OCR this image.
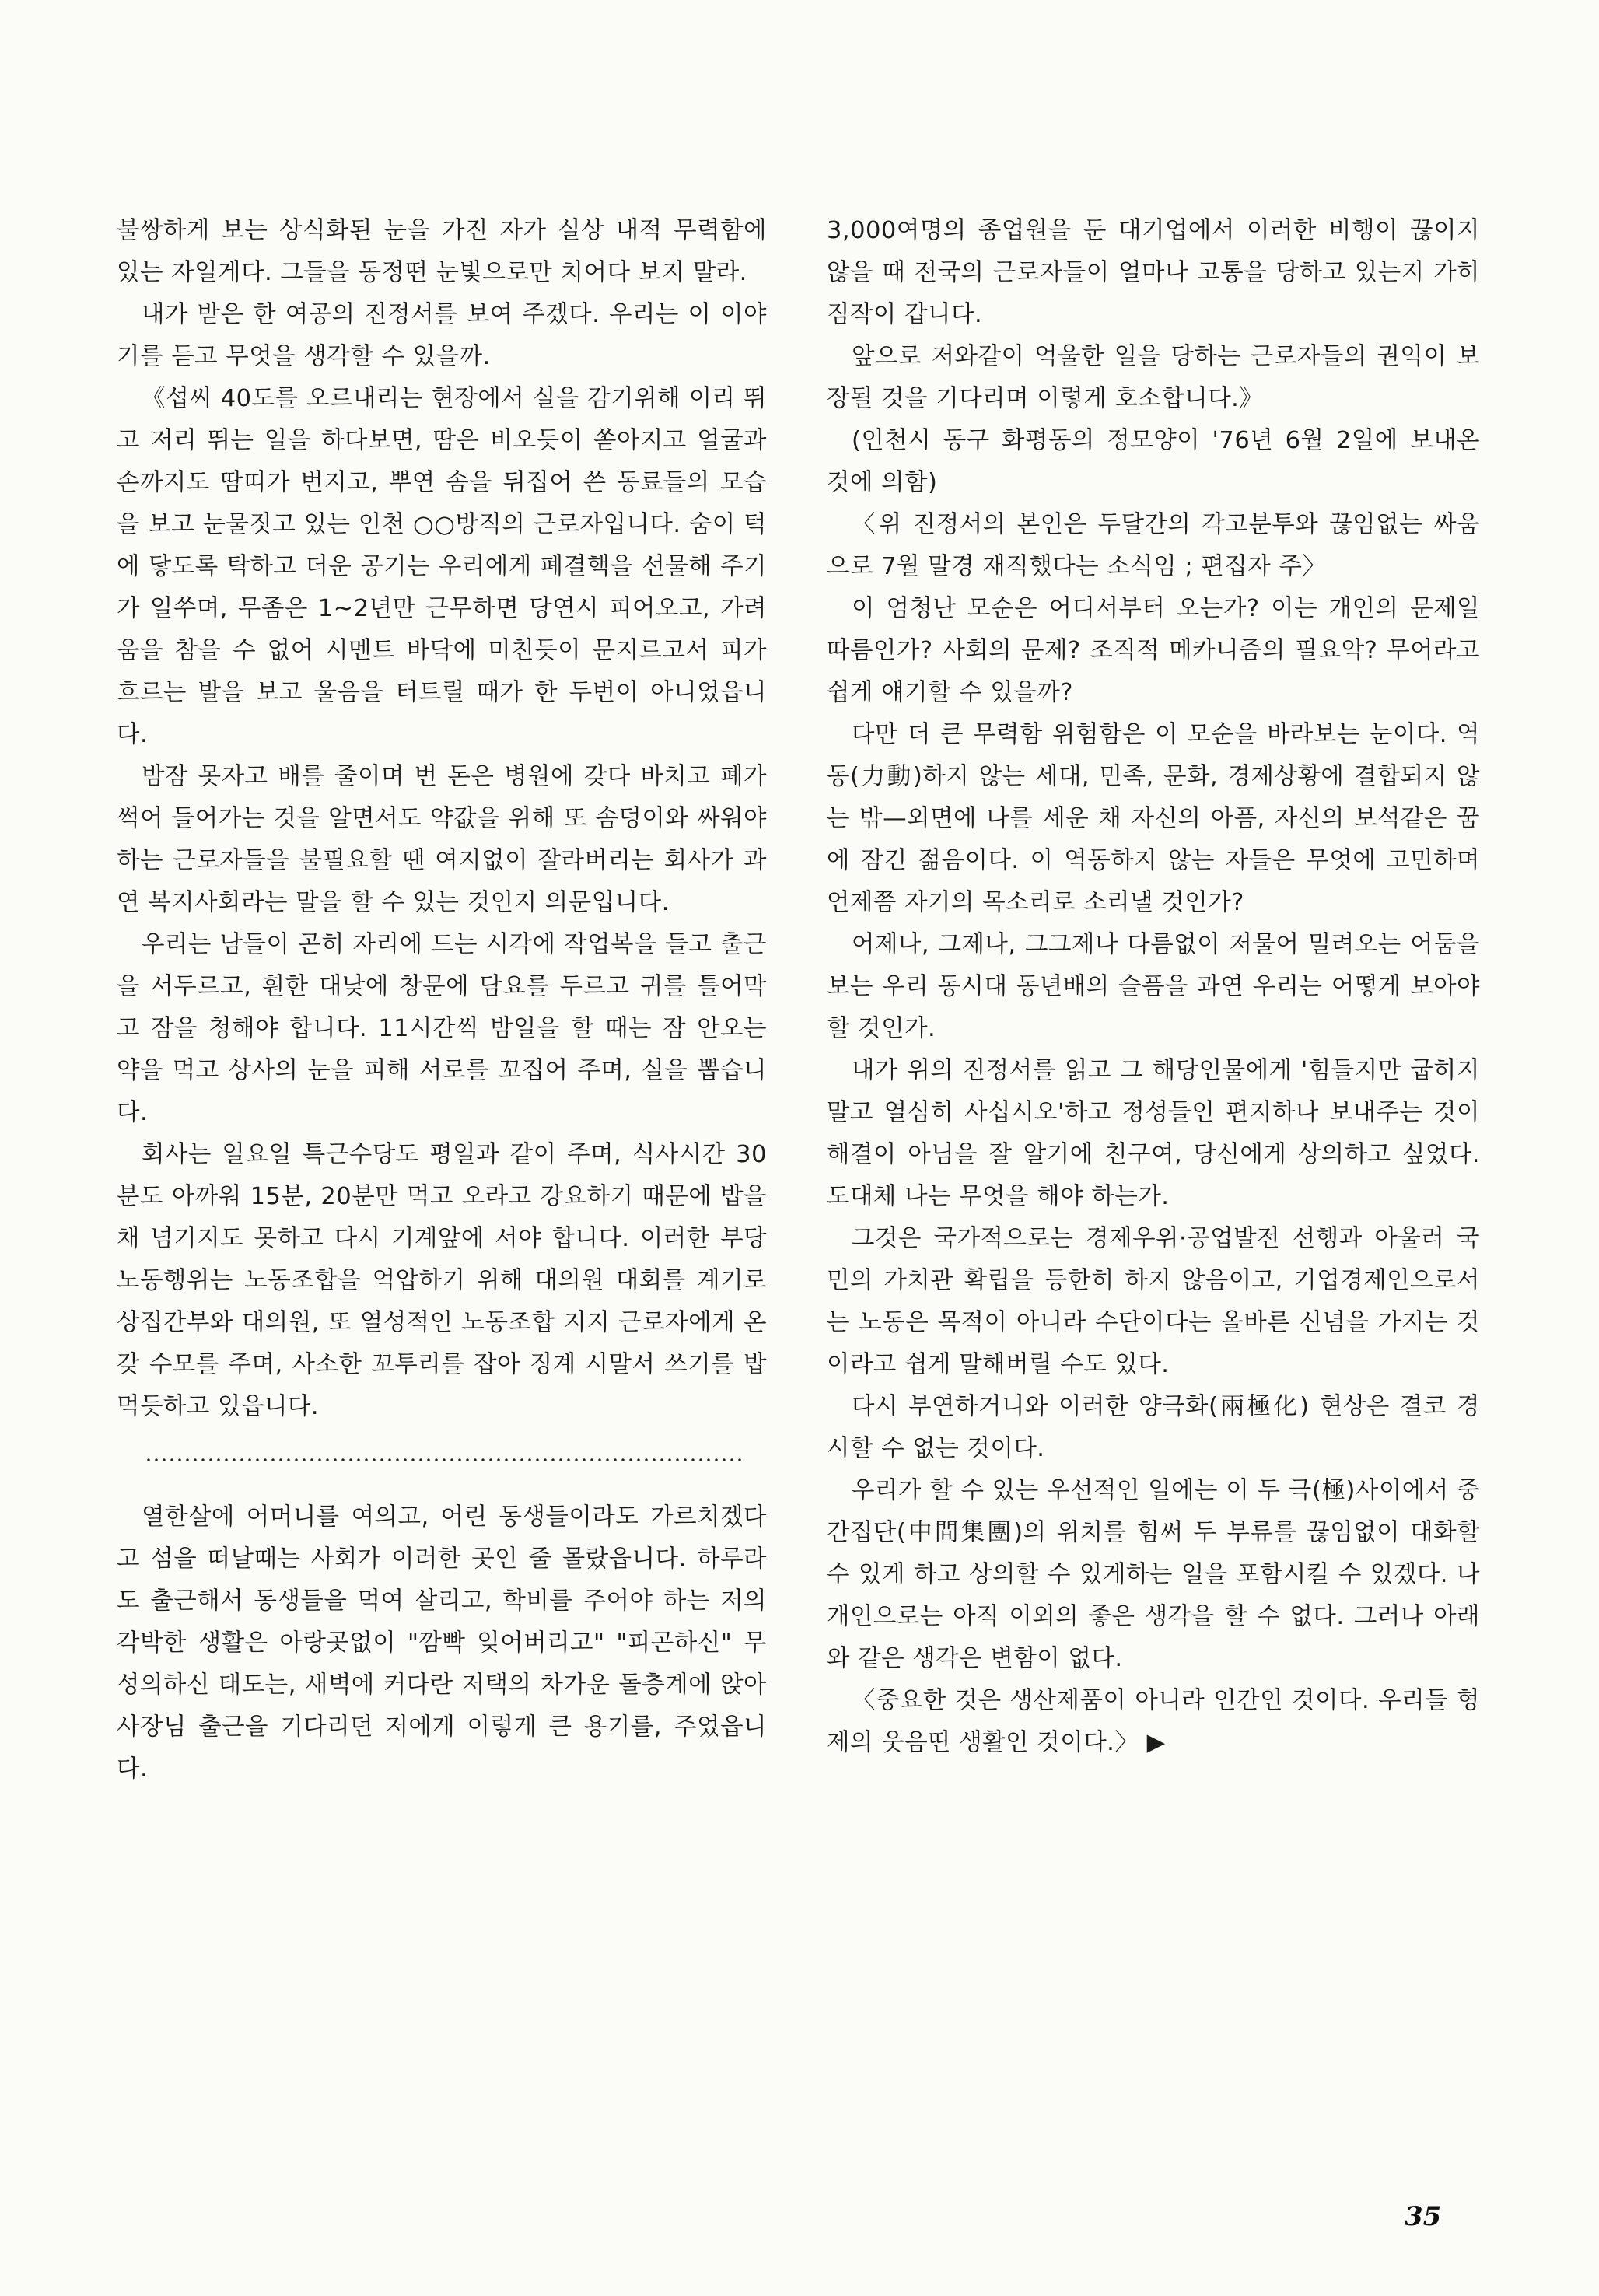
불쌍하게 보는 상식화된 눈을 가진 자가 실상 내적 무력함에 있는 자일게다. 그들을 동정떤 눈빛으로만 치어다 보지 말라.

내가 받은 한 여공의 진정서를 보여 주겠다. 우리는 이 이야기를 듣고 무엇을 생각할 수 있을까.

《섭씨 40도를 오르내리는 현장에서 실을 감기위해 이리 뛰고 저리 뛰는 일을 하다보면, 땀은 비오듯이 쏟아지고 얼굴과 손까지도 땀띠가 번지고, 뿌연 솜을 뒤집어 쓴 동료들의 모습을 보고 눈물짓고 있는 인천 ○○방직의 근로자입니다. 숨이 턱에 닿도록 탁하고 더운 공기는 우리에게 폐결핵을 선물해 주기가 일쑤며, 무좀은 1~2년만 근무하면 당연시 피어오고, 가려움을 참을 수 없어 시멘트 바닥에 미친듯이 문지르고서 피가 흐르는 발을 보고 울음을 터트릴 때가 한 두번이 아니었읍니다.

밤잠 못자고 배를 줄이며 번 돈은 병원에 갖다 바치고 폐가 썩어 들어가는 것을 알면서도 약값을 위해 또 솜덩이와 싸워야하는 근로자들을 불필요할 땐 여지없이 잘라버리는 회사가 과연 복지사회라는 말을 할 수 있는 것인지 의문입니다.

우리는 남들이 곤히 자리에 드는 시각에 작업복을 들고 출근을 서두르고, 훤한 대낮에 창문에 담요를 두르고 귀를 틀어막고 잠을 청해야 합니다. 11시간씩 밤일을 할 때는 잠 안오는 약을 먹고 상사의 눈을 피해 서로를 꼬집어 주며, 실을 뽑습니다.

회사는 일요일 특근수당도 평일과 같이 주며, 식사시간 30분도 아까워 15분, 20분만 먹고 오라고 강요하기 때문에 밥을 채 넘기지도 못하고 다시 기계앞에 서야 합니다. 이러한 부당 노동행위는 노동조합을 억압하기 위해 대의원 대회를 계기로 상집간부와 대의원, 또 열성적인 노동조합 지지 근로자에게 온갖 수모를 주며, 사소한 꼬투리를 잡아 징계 시말서 쓰기를 밥먹듯하고 있읍니다.

열한살에 어머니를 여의고, 어린 동생들이라도 가르치겠다고 섬을 떠날때는 사회가 이러한 곳인 줄 몰랐읍니다. 하루라도 출근해서 동생들을 먹여 살리고, 학비를 주어야 하는 저의 각박한 생활은 아랑곳없이 "깜빡 잊어버리고" "피곤하신" 무성의하신 태도는, 새벽에 커다란 저택의 차가운 돌층계에 앉아 사장님 출근을 기다리던 저에게 이렇게 큰 용기를, 주었읍니다.

3,000여명의 종업원을 둔 대기업에서 이러한 비행이 끊이지 않을 때 전국의 근로자들이 얼마나 고통을 당하고 있는지 가히 짐작이 갑니다.

앞으로 저와같이 억울한 일을 당하는 근로자들의 권익이 보장될 것을 기다리며 이렇게 호소합니다.》

(인천시 동구 화평동의 정모양이 '76년 6월 2일에 보내온 것에 의함)

〈위 진정서의 본인은 두달간의 각고분투와 끊임없는 싸움으로 7월 말경 재직했다는 소식임 ; 편집자 주〉

이 엄청난 모순은 어디서부터 오는가? 이는 개인의 문제일 따름인가? 사회의 문제? 조직적 메카니즘의 필요악? 무어라고 쉽게 얘기할 수 있을까?

다만 더 큰 무력함 위험함은 이 모순을 바라보는 눈이다. 역동(力動)하지 않는 세대, 민족, 문화, 경제상황에 결합되지 않는 밖—외면에 나를 세운 채 자신의 아픔, 자신의 보석같은 꿈에 잠긴 젊음이다. 이 역동하지 않는 자들은 무엇에 고민하며 언제쯤 자기의 목소리로 소리낼 것인가?

어제나, 그제나, 그그제나 다름없이 저물어 밀려오는 어둠을 보는 우리 동시대 동년배의 슬픔을 과연 우리는 어떻게 보아야 할 것인가.

내가 위의 진정서를 읽고 그 해당인물에게 '힘들지만 굽히지 말고 열심히 사십시오'하고 정성들인 편지하나 보내주는 것이 해결이 아님을 잘 알기에 친구여, 당신에게 상의하고 싶었다. 도대체 나는 무엇을 해야 하는가.

그것은 국가적으로는 경제우위·공업발전 선행과 아울러 국민의 가치관 확립을 등한히 하지 않음이고, 기업경제인으로서는 노동은 목적이 아니라 수단이다는 올바른 신념을 가지는 것이라고 쉽게 말해버릴 수도 있다.

다시 부연하거니와 이러한 양극화(兩極化) 현상은 결코 경시할 수 없는 것이다.

우리가 할 수 있는 우선적인 일에는 이 두 극(極)사이에서 중간집단(中間集團)의 위치를 힘써 두 부류를 끊임없이 대화할 수 있게 하고 상의할 수 있게하는 일을 포함시킬 수 있겠다. 나 개인으로는 아직 이외의 좋은 생각을 할 수 없다. 그러나 아래와 같은 생각은 변함이 없다.

〈중요한 것은 생산제품이 아니라 인간인 것이다. 우리들 형제의 웃음띤 생활인 것이다.〉 ▶

35
